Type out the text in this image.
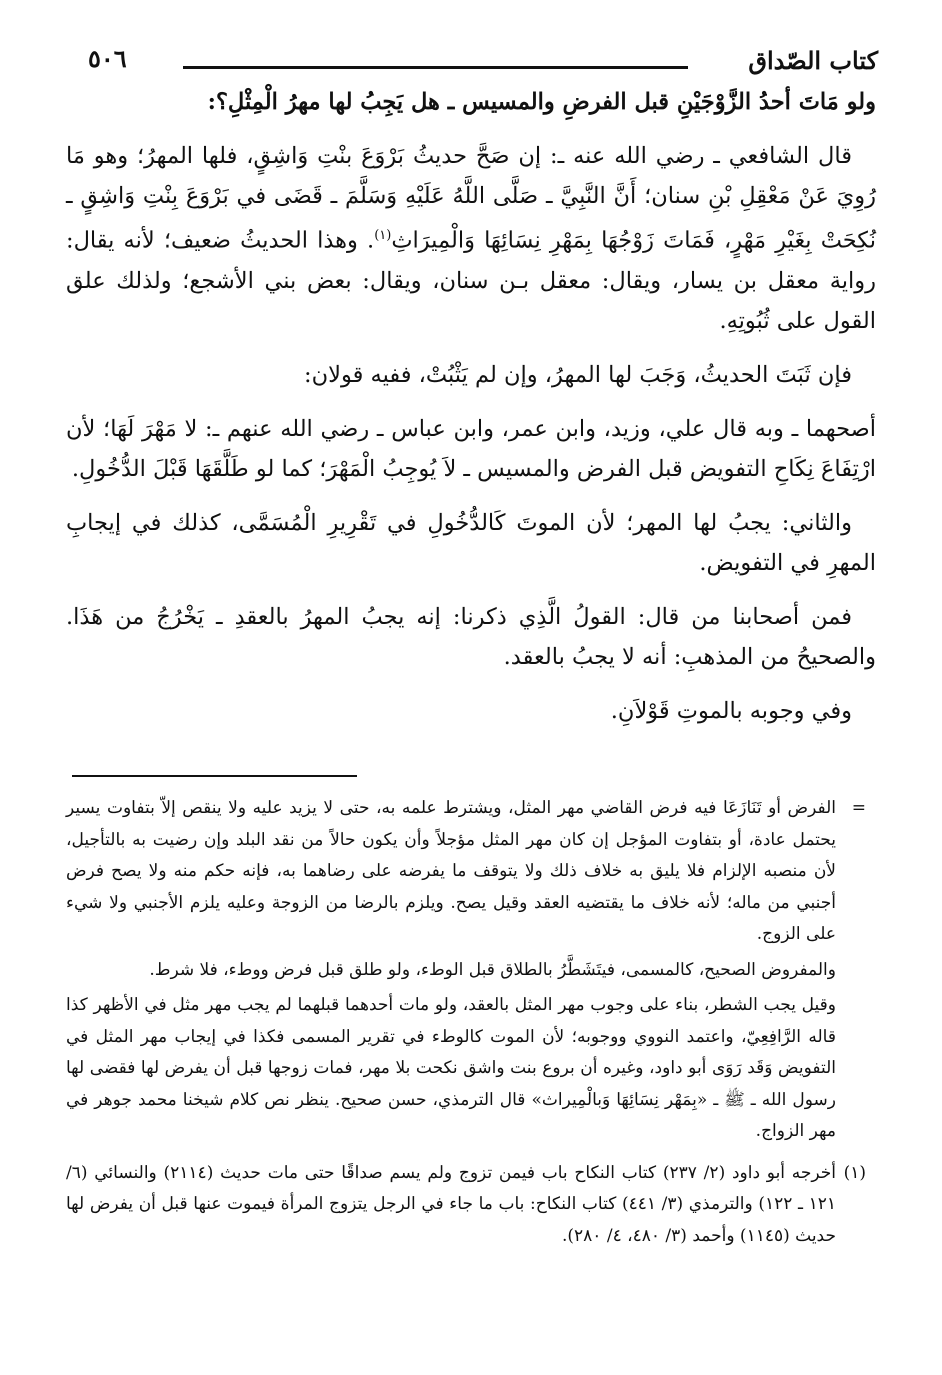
كتاب الصّداق
٥٠٦

ولو مَاتَ أحدُ الزَّوْجَيْنِ قبل الفرضِ والمسيس ـ هل يَجِبُ لها مهرُ الْمِثْلِ؟:

قال الشافعي ـ رضي الله عنه ـ: إن صَحَّ حديثُ بَرْوَعَ بنْتِ وَاشِقٍ، فلها المهرُ؛ وهو مَا رُوِيَ عَنْ مَعْقِلِ بْنِ سنان؛ أَنَّ النَّبِيَّ ـ صَلَّى اللَّهُ عَلَيْهِ وَسَلَّمَ ـ قَضَى في بَرْوَعَ بِنْتِ وَاشِقٍ ـ نُكِحَتْ بِغَيْرِ مَهْرٍ، فَمَاتَ زَوْجُهَا بِمَهْرِ نِسَائِهَا وَالْمِيرَاثِ$^{(١)}$. وهذا الحديثُ ضعيف؛ لأنه يقال: رواية معقل بن يسار، ويقال: معقل بـن سنان، ويقال: بعض بني الأشجع؛ ولذلك علق القول على ثُبُوتِهِ.

فإن ثَبَتَ الحديثُ، وَجَبَ لها المهرُ، وإن لم يَثْبُتْ، ففيه قولان:

أصحهما ـ وبه قال علي، وزيد، وابن عمر، وابن عباس ـ رضي الله عنهم ـ: لا مَهْرَ لَهَا؛ لأن ارْتِفَاعَ نِكَاحِ التفويض قبل الفرض والمسيس ـ لاَ يُوجِبُ الْمَهْرَ؛ كما لو طَلَّقَهَا قَبْلَ الدُّخُولِ.

والثاني: يجبُ لها المهر؛ لأن الموتَ كَالدُّخُولِ في تَقْرِيرِ الْمُسَمَّى، كذلك في إيجابِ المهرِ في التفويض.

فمن أصحابنا من قال: القولُ الَّذِي ذكرنا: إنه يجبُ المهرُ بالعقدِ ـ يَخْرُجُ من هَذَا. والصحيحُ من المذهبِ: أنه لا يجبُ بالعقد.

وفي وجوبه بالموتِ قَوْلاَنِ.

=
الفرض أو تَنَازَعَا فيه فرض القاضي مهر المثل، ويشترط علمه به، حتى لا يزيد عليه ولا ينقص إلاّ بتفاوت يسير يحتمل عادة، أو بتفاوت المؤجل إن كان مهر المثل مؤجلاً وأن يكون حالاً من نقد البلد وإن رضيت به بالتأجيل، لأن منصبه الإلزام فلا يليق به خلاف ذلك ولا يتوقف ما يفرضه على رضاهما به، فإنه حكم منه ولا يصح فرض أجنبي من ماله؛ لأنه خلاف ما يقتضيه العقد وقيل يصح. ويلزم بالرضا من الزوجة وعليه يلزم الأجنبي ولا شيء على الزوج.

والمفروض الصحيح، كالمسمى، فيتَشَطَّرُ بالطلاق قبل الوطء، ولو طلق قبل فرض ووطء، فلا شرط.

وقيل يجب الشطر، بناء على وجوب مهر المثل بالعقد، ولو مات أحدهما قبلهما لم يجب مهر مثل في الأظهر كذا قاله الرَّافِعِيّ، واعتمد النووي ووجوبه؛ لأن الموت كالوطء في تقرير المسمى فكذا في إيجاب مهر المثل في التفويض وَقَد رَوَى أبو داود، وغيره أن بروع بنت واشق نكحت بلا مهر، فمات زوجها قبل أن يفرض لها فقضى لها رسول الله ـ ﷺ ـ «بِمَهْر نِسَائِهَا وَبالْمِيراث» قال الترمذي، حسن صحيح. ينظر نص كلام شيخنا محمد جوهر في مهر الزواج.

(١)
أخرجه أبو داود (٢/ ٢٣٧) كتاب النكاح باب فيمن تزوج ولم يسم صداقًا حتى مات حديث (٢١١٤) والنسائي (٦/ ١٢١ ـ ١٢٢) والترمذي (٣/ ٤٤١) كتاب النكاح: باب ما جاء في الرجل يتزوج المرأة فيموت عنها قبل أن يفرض لها حديث (١١٤٥) وأحمد (٣/ ٤٨٠، ٤/ ٢٨٠).
